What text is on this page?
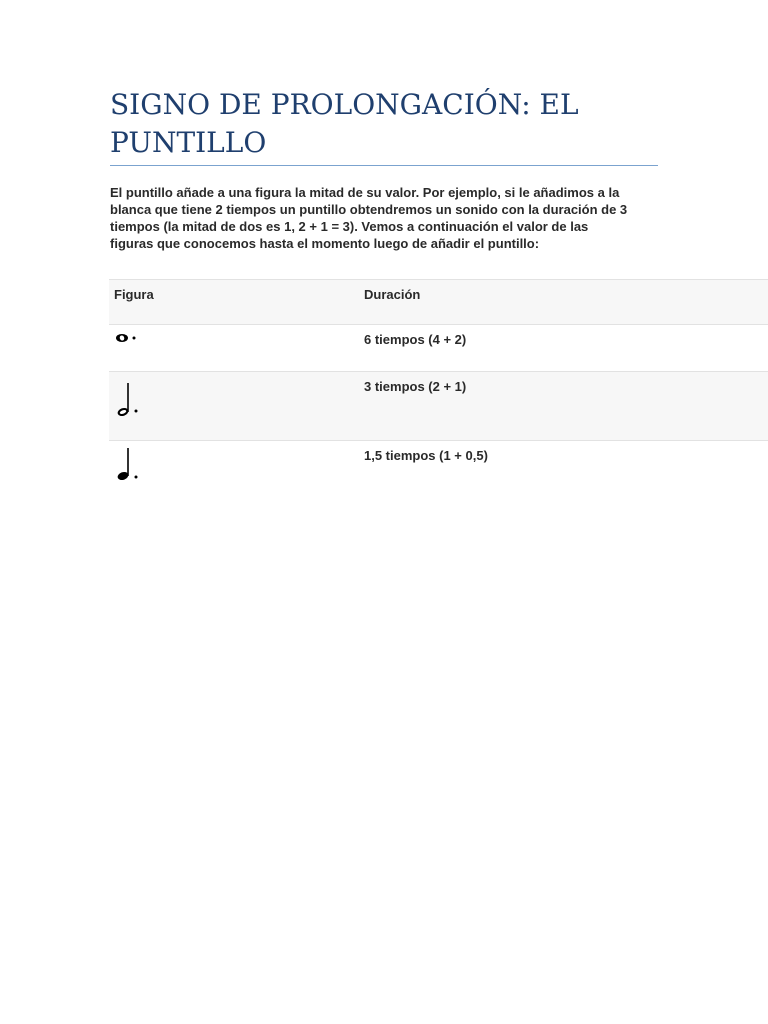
SIGNO DE PROLONGACIÓN: EL PUNTILLO

El puntillo añade a una figura la mitad de su valor. Por ejemplo, si le añadimos a la blanca que tiene 2 tiempos un puntillo obtendremos un sonido con la duración de 3 tiempos (la mitad de dos es 1, 2 + 1 = 3). Vemos a continuación el valor de las figuras que conocemos hasta el momento luego de añadir el puntillo:

Figura	Duración
6 tiempos (4 + 2)
3 tiempos (2 + 1)
1,5 tiempos (1 + 0,5)
